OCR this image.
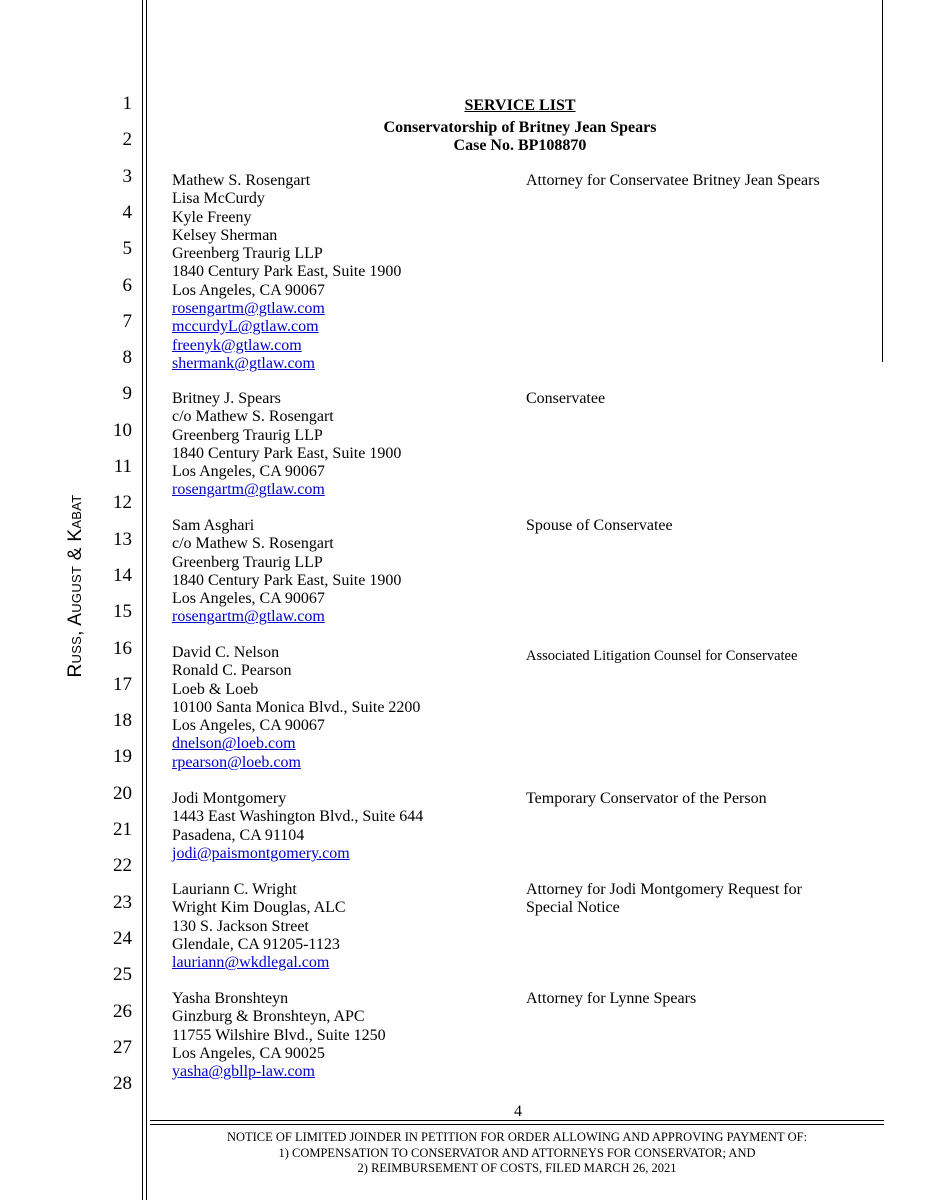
Russ, August & Kabat
1
2
3
4
5
6
7
8
9
10
11
12
13
14
15
16
17
18
19
20
21
22
23
24
25
26
27
28
SERVICE LIST
Conservatorship of Britney Jean Spears
Case No. BP108870
Mathew S. Rosengart
Lisa McCurdy
Kyle Freeny
Kelsey Sherman
Greenberg Traurig LLP
1840 Century Park East, Suite 1900
Los Angeles, CA 90067
rosengartm@gtlaw.com
mccurdyL@gtlaw.com
freenyk@gtlaw.com
shermank@gtlaw.com
Attorney for Conservatee Britney Jean Spears
Britney J. Spears
c/o Mathew S. Rosengart
Greenberg Traurig LLP
1840 Century Park East, Suite 1900
Los Angeles, CA 90067
rosengartm@gtlaw.com
Conservatee
Sam Asghari
c/o Mathew S. Rosengart
Greenberg Traurig LLP
1840 Century Park East, Suite 1900
Los Angeles, CA 90067
rosengartm@gtlaw.com
Spouse of Conservatee
David C. Nelson
Ronald C. Pearson
Loeb & Loeb
10100 Santa Monica Blvd., Suite 2200
Los Angeles, CA 90067
dnelson@loeb.com
rpearson@loeb.com
Associated Litigation Counsel for Conservatee
Jodi Montgomery
1443 East Washington Blvd., Suite 644
Pasadena, CA 91104
jodi@paismontgomery.com
Temporary Conservator of the Person
Lauriann C. Wright
Wright Kim Douglas, ALC
130 S. Jackson Street
Glendale, CA 91205-1123
lauriann@wkdlegal.com
Attorney for Jodi Montgomery Request for Special Notice
Yasha Bronshteyn
Ginzburg & Bronshteyn, APC
11755 Wilshire Blvd., Suite 1250
Los Angeles, CA 90025
yasha@gbllp-law.com
Attorney for Lynne Spears
4
NOTICE OF LIMITED JOINDER IN PETITION FOR ORDER ALLOWING AND APPROVING PAYMENT OF:
1) COMPENSATION TO CONSERVATOR AND ATTORNEYS FOR CONSERVATOR; AND
2) REIMBURSEMENT OF COSTS, FILED MARCH 26, 2021
